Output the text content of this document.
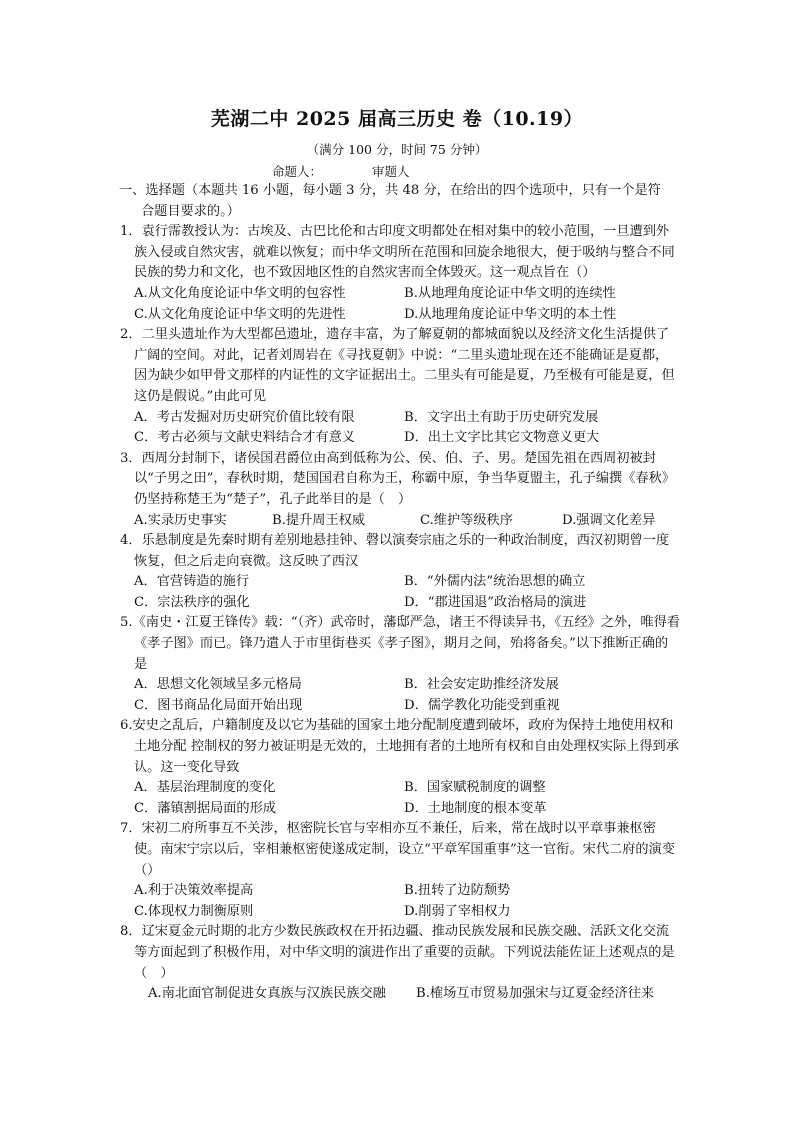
芜湖二中 2025 届高三历史 卷（10.19）
（满分 100 分，时间 75 分钟）
命题人：	审题人
一、选择题（本题共 16 小题，每小题 3 分，共 48 分，在给出的四个选项中，只有一个是符
合题目要求的。）
1．袁行霈教授认为：古埃及、古巴比伦和古印度文明都处在相对集中的较小范围，一旦遭到外族入侵或自然灾害，就难以恢复；而中华文明所在范围和回旋余地很大，便于吸纳与整合不同民族的势力和文化，也不致因地区性的自然灾害而全体毁灭。这一观点旨在（）
A.从文化角度论证中华文明的包容性	B.从地理角度论证中华文明的连续性
C.从文化角度论证中华文明的先进性	D.从地理角度论证中华文明的本土性
2．二里头遗址作为大型都邑遗址，遗存丰富，为了解夏朝的都城面貌以及经济文化生活提供了广阔的空间。对此，记者刘周岩在《寻找夏朝》中说：“二里头遗址现在还不能确证是夏都，因为缺少如甲骨文那样的内证性的文字证据出土。二里头有可能是夏，乃至极有可能是夏，但这仍是假说。”由此可见
A．考古发掘对历史研究价值比较有限	B．文字出土有助于历史研究发展
C．考古必须与文献史料结合才有意义	D．出土文字比其它文物意义更大
3．西周分封制下，诸侯国君爵位由高到低称为公、侯、伯、子、男。楚国先祖在西周初被封以“子男之田”，春秋时期，楚国国君自称为王，称霸中原，争当华夏盟主，孔子编撰《春秋》仍坚持称楚王为“楚子”，孔子此举目的是（　）
A.实录历史事实	B.提升周王权威	C.维护等级秩序	D.强调文化差异
4．乐悬制度是先秦时期有差别地悬挂钟、磬以演奏宗庙之乐的一种政治制度，西汉初期曾一度恢复，但之后走向衰微。这反映了西汉
A．官营铸造的施行	B．“外儒内法”统治思想的确立
C．宗法秩序的强化	D．“郡进国退”政治格局的演进
5.《南史・江夏王锋传》载：“（齐）武帝时，藩邸严急，诸王不得读异书，《五经》之外，唯得看《孝子图》而已。锋乃遣人于市里街巷买《孝子图》，期月之间，殆将备矣。”以下推断正确的是
A．思想文化领域呈多元格局	B．社会安定助推经济发展
C．图书商品化局面开始出现	D．儒学教化功能受到重视
6.安史之乱后，户籍制度及以它为基础的国家土地分配制度遭到破坏，政府为保持土地使用权和土地分配 控制权的努力被证明是无效的，土地拥有者的土地所有权和自由处理权实际上得到承认。这一变化导致
A．基层治理制度的变化	B．国家赋税制度的调整
C．藩镇割据局面的形成	D．土地制度的根本变革
7．宋初二府所事互不关涉，枢密院长官与宰相亦互不兼任，后来，常在战时以平章事兼枢密使。南宋宁宗以后，宰相兼枢密使遂成定制，设立“平章军国重事”这一官衔。宋代二府的演变（）
A.利于决策效率提高	B.扭转了边防颓势
C.体现权力制衡原则	D.削弱了宰相权力
8．辽宋夏金元时期的北方少数民族政权在开拓边疆、推动民族发展和民族交融、活跃文化交流等方面起到了积极作用，对中华文明的演进作出了重要的贡献。下列说法能佐证上述观点的是（　）
A.南北面官制促进女真族与汉族民族交融	B.榷场互市贸易加强宋与辽夏金经济往来
